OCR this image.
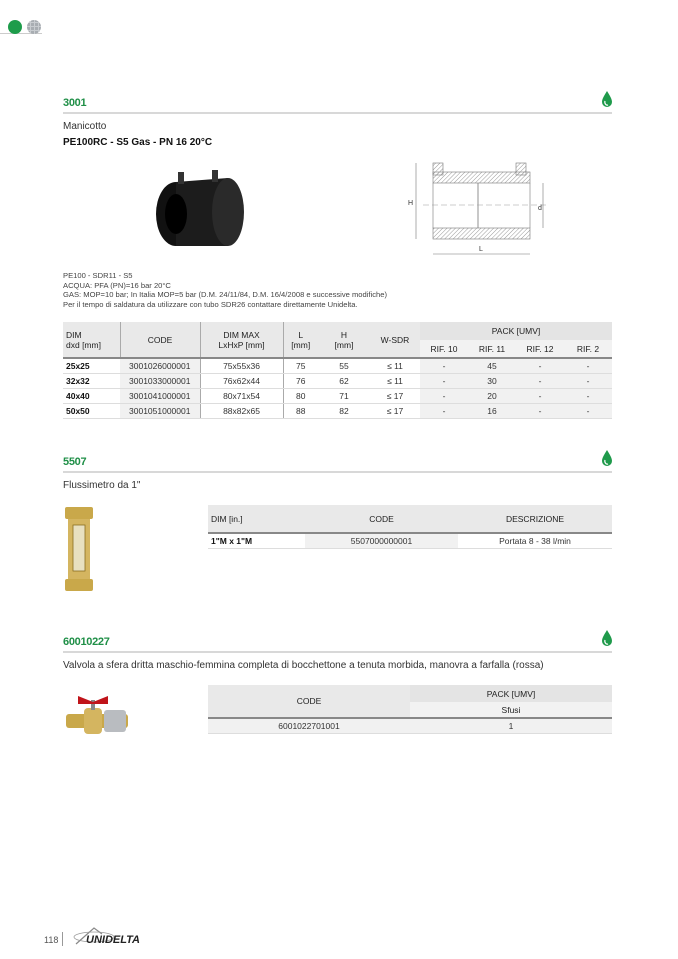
3001
Manicotto
PE100RC - S5 Gas - PN 16 20°C
H
d
L
PE100 - SDR11 - S5
ACQUA: PFA (PN)=16 bar 20°C
GAS: MOP=10 bar; In Italia MOP=5 bar (D.M. 24/11/84, D.M. 16/4/2008 e successive modifiche)
Per il tempo di saldatura da utilizzare con tubo SDR26 contattare direttamente Unidelta.
DIM
dxd [mm]	CODE	DIM MAX
LxHxP [mm]	L
[mm]	H
[mm]	W-SDR	PACK [UMV]			
						RIF. 10	RIF. 11	RIF. 12	RIF. 2
25x25	3001026000001	75x55x36	75	55	≤ 11	-	45	-	-
32x32	3001033000001	76x62x44	76	62	≤ 11	-	30	-	-
40x40	3001041000001	80x71x54	80	71	≤ 17	-	20	-	-
50x50	3001051000001	88x82x65	88	82	≤ 17	-	16	-	-
5507
Flussimetro da 1"
DIM [in.]	CODE	DESCRIZIONE
1"M x 1"M	5507000000001	Portata 8 - 38 l/min
60010227
Valvola a sfera dritta maschio-femmina completa di bocchettone a tenuta morbida, manovra a farfalla (rossa)
CODE	PACK [UMV]
	Sfusi
6001022701001	1
118	UNIDELTA
